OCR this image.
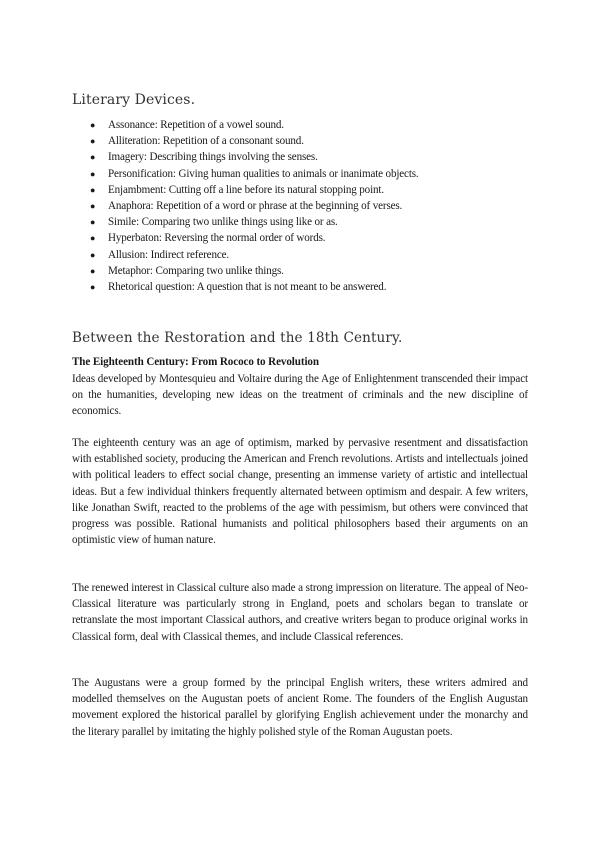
Literary Devices.
● Assonance: Repetition of a vowel sound.
● Alliteration: Repetition of a consonant sound.
● Imagery: Describing things involving the senses.
● Personification: Giving human qualities to animals or inanimate objects.
● Enjambment: Cutting off a line before its natural stopping point.
● Anaphora: Repetition of a word or phrase at the beginning of verses.
● Simile: Comparing two unlike things using like or as.
● Hyperbaton: Reversing the normal order of words.
● Allusion: Indirect reference.
● Metaphor: Comparing two unlike things.
● Rhetorical question: A question that is not meant to be answered.
Between the Restoration and the 18th Century.
The Eighteenth Century: From Rococo to Revolution

Ideas developed by Montesquieu and Voltaire during the Age of Enlightenment transcended their impact on the humanities, developing new ideas on the treatment of criminals and the new discipline of economics.

The eighteenth century was an age of optimism, marked by pervasive resentment and dissatisfaction with established society, producing the American and French revolutions. Artists and intellectuals joined with political leaders to effect social change, presenting an immense variety of artistic and intellectual ideas. But a few individual thinkers frequently alternated between optimism and despair. A few writers, like Jonathan Swift, reacted to the problems of the age with pessimism, but others were convinced that progress was possible. Rational humanists and political philosophers based their arguments on an optimistic view of human nature.

The renewed interest in Classical culture also made a strong impression on literature. The appeal of Neo-Classical literature was particularly strong in England, poets and scholars began to translate or retranslate the most important Classical authors, and creative writers began to produce original works in Classical form, deal with Classical themes, and include Classical references.

The Augustans were a group formed by the principal English writers, these writers admired and modelled themselves on the Augustan poets of ancient Rome. The founders of the English Augustan movement explored the historical parallel by glorifying English achievement under the monarchy and the literary parallel by imitating the highly polished style of the Roman Augustan poets.
